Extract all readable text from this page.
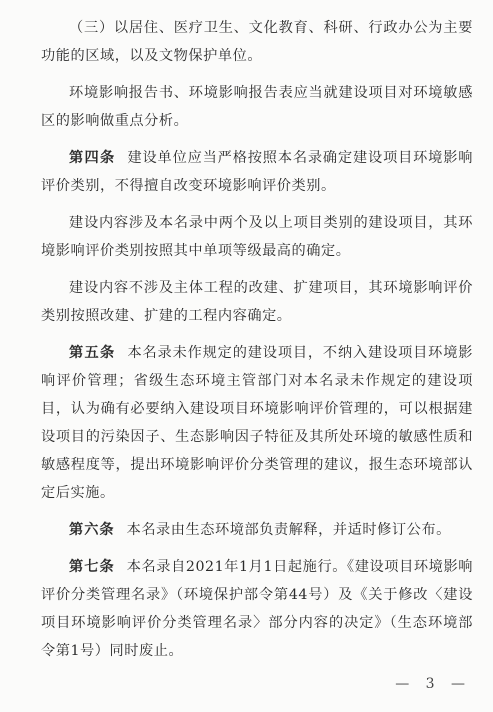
（三）以居住、医疗卫生、文化教育、科研、行政办公为主要功能的区域，以及文物保护单位。

环境影响报告书、环境影响报告表应当就建设项目对环境敏感区的影响做重点分析。

第四条 建设单位应当严格按照本名录确定建设项目环境影响评价类别，不得擅自改变环境影响评价类别。

建设内容涉及本名录中两个及以上项目类别的建设项目，其环境影响评价类别按照其中单项等级最高的确定。

建设内容不涉及主体工程的改建、扩建项目，其环境影响评价类别按照改建、扩建的工程内容确定。

第五条 本名录未作规定的建设项目，不纳入建设项目环境影响评价管理；省级生态环境主管部门对本名录未作规定的建设项目，认为确有必要纳入建设项目环境影响评价管理的，可以根据建设项目的污染因子、生态影响因子特征及其所处环境的敏感性质和敏感程度等，提出环境影响评价分类管理的建议，报生态环境部认定后实施。

第六条 本名录由生态环境部负责解释，并适时修订公布。

第七条 本名录自2021年1月1日起施行。《建设项目环境影响评价分类管理名录》（环境保护部令第44号）及《关于修改〈建设项目环境影响评价分类管理名录〉部分内容的决定》（生态环境部令第1号）同时废止。

— 3 —
